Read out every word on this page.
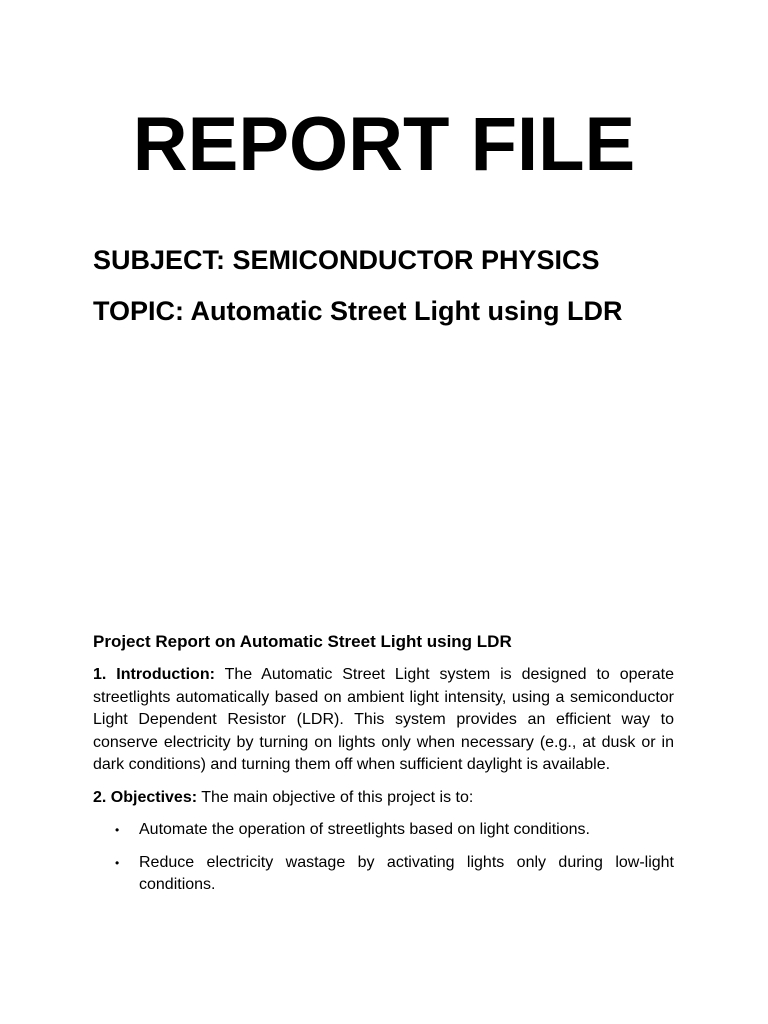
REPORT FILE
SUBJECT: SEMICONDUCTOR PHYSICS
TOPIC: Automatic Street Light using LDR
Project Report on Automatic Street Light using LDR

1. Introduction: The Automatic Street Light system is designed to operate streetlights automatically based on ambient light intensity, using a semiconductor Light Dependent Resistor (LDR). This system provides an efficient way to conserve electricity by turning on lights only when necessary (e.g., at dusk or in dark conditions) and turning them off when sufficient daylight is available.

2. Objectives: The main objective of this project is to:

• Automate the operation of streetlights based on light conditions.
• Reduce electricity wastage by activating lights only during low-light conditions.
